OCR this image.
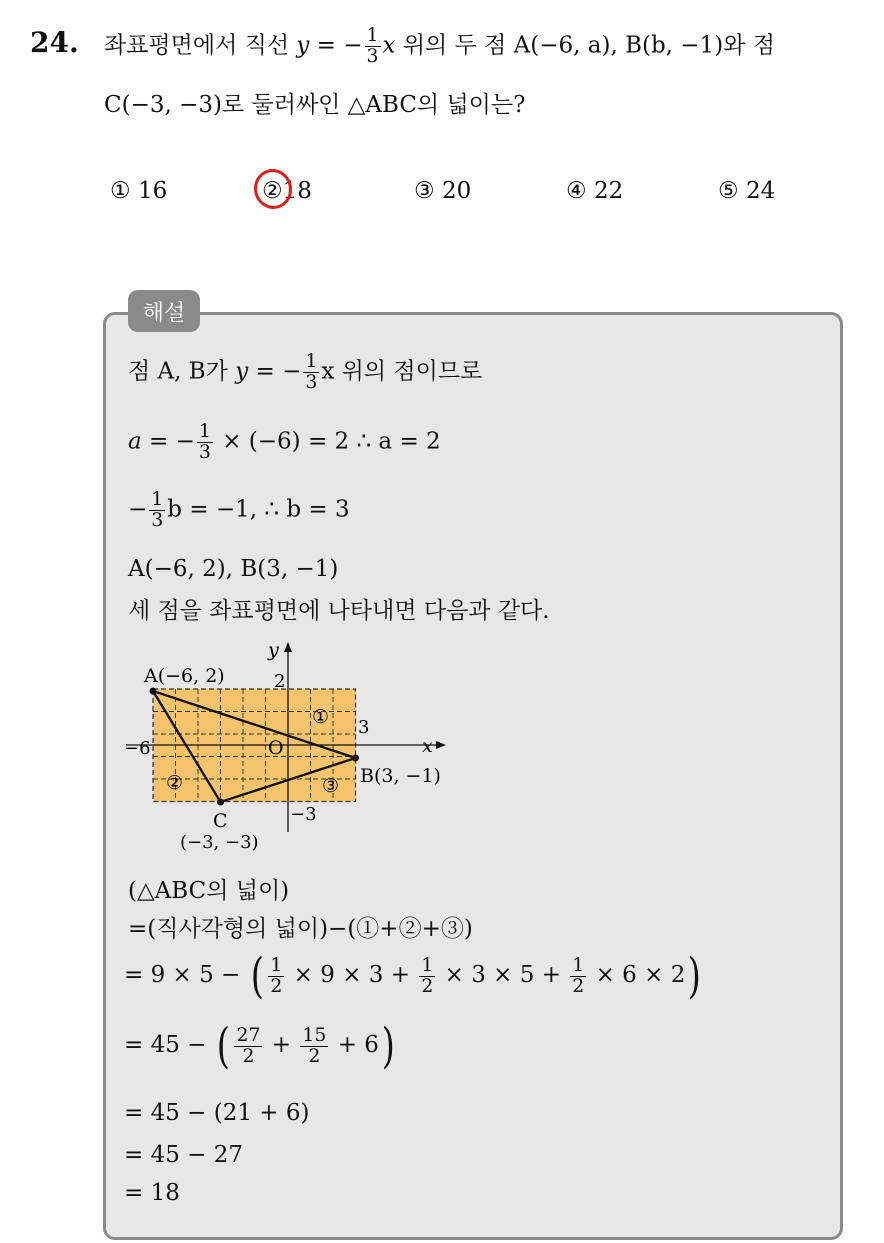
24. 좌표평면에서 직선 y = − $\frac{1}{3}$ x 위의 두 점 A(−6, a), B(b, −1)와 점
C(−3, −3)로 둘러싸인 △ABC의 넓이는?
① 16	②18	③ 20	④ 22	⑤ 24
해설
점 A, B가 y = − $\frac{1}{3}$ x 위의 점이므로
a = − $\frac{1}{3} \times (-6) = 2$ ∴ a = 2
− $\frac{1}{3}$ b = −1, ∴ b = 3
A(−6, 2), B(3, −1)
세 점을 좌표평면에 나타내면 다음과 같다.
A(−6, 2)
B(3, −1)
C
(−3, −3)
y
x
O
2
3
−6
−3
①
②	③
(△ABC의 넓이)
=(직사각형의 넓이)−(①+②+③)
= 9 × 5 − ( $\frac{1}{2} \times 9 \times 3 + \frac{1}{2} \times 3 \times 5 + \frac{1}{2} \times 6 \times 2$)
= 45 − ( $\frac{27}{2} + \frac{15}{2} + 6$)
= 45 − (21 + 6)
= 45 − 27
= 18
